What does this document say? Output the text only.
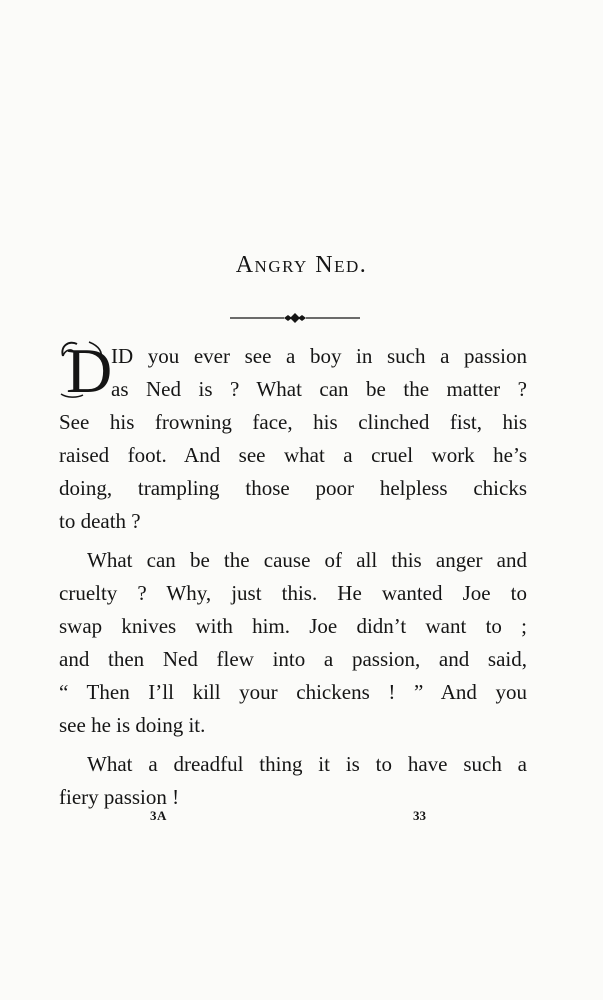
Angry Ned.
D
ID you ever see a boy in such a passion
as Ned is ? What can be the matter ?
See his frowning face, his clinched fist, his
raised foot. And see what a cruel work he’s
doing, trampling those poor helpless chicks
to death ?
What can be the cause of all this anger and
cruelty ? Why, just this. He wanted Joe to
swap knives with him. Joe didn’t want to ;
and then Ned flew into a passion, and said,
“ Then I’ll kill your chickens ! ” And you
see he is doing it.
What a dreadful thing it is to have such a
fiery passion !
3A	33
